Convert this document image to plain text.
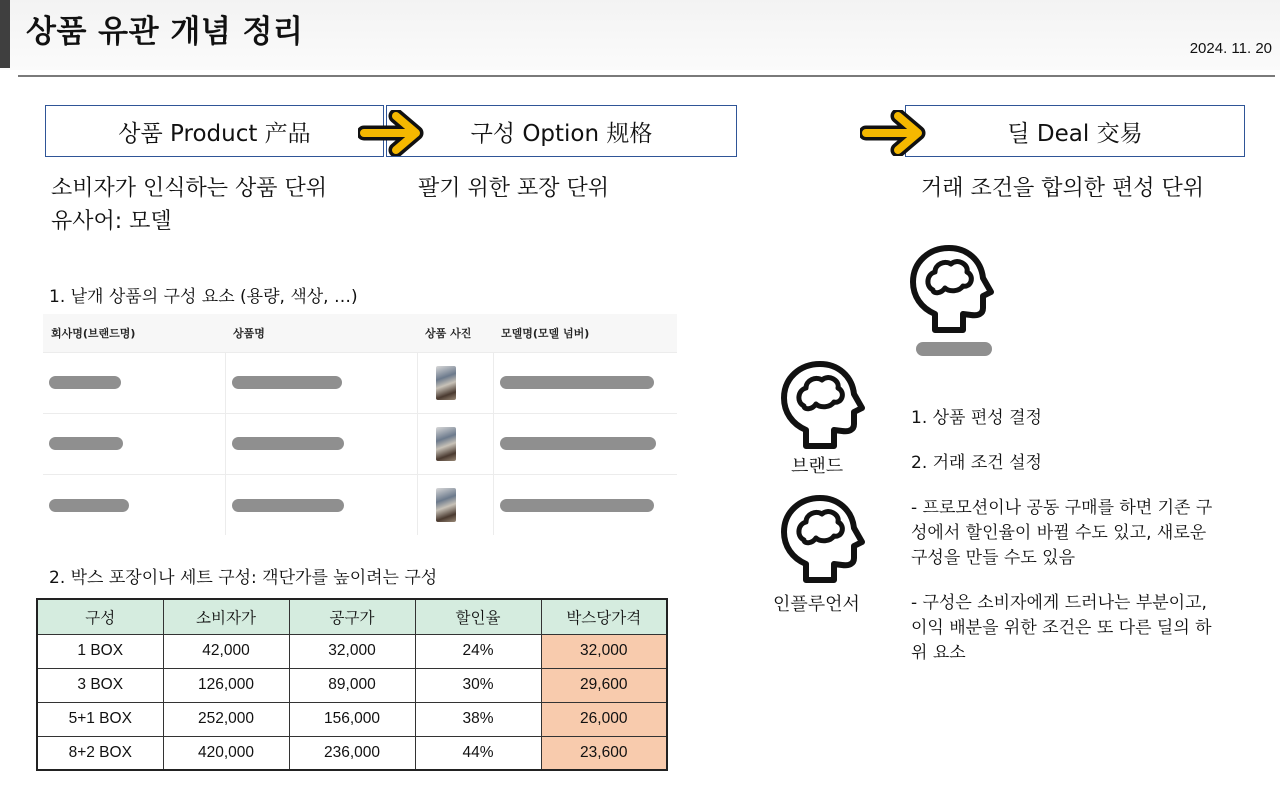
상품 유관 개념 정리	2024. 11. 20
상품 Product 产品	구성 Option 规格	딜 Deal 交易
소비자가 인식하는 상품 단위
유사어: 모델
팔기 위한 포장 단위	거래 조건을 합의한 편성 단위
1. 낱개 상품의 구성 요소 (용량, 색상, …)
회사명(브랜드명)	상품명	상품 사진	모델명(모델 넘버)

2. 박스 포장이나 세트 구성: 객단가를 높이려는 구성
구성	소비자가	공구가	할인율	박스당가격
1 BOX	42,000	32,000	24%	32,000
3 BOX	126,000	89,000	30%	29,600
5+1 BOX	252,000	156,000	38%	26,000
8+2 BOX	420,000	236,000	44%	23,600
브랜드
인플루언서
1. 상품 편성 결정
2. 거래 조건 설정
- 프로모션이나 공동 구매를 하면 기존 구
성에서 할인율이 바뀔 수도 있고, 새로운
구성을 만들 수도 있음
- 구성은 소비자에게 드러나는 부분이고,
이익 배분을 위한 조건은 또 다른 딜의 하
위 요소
